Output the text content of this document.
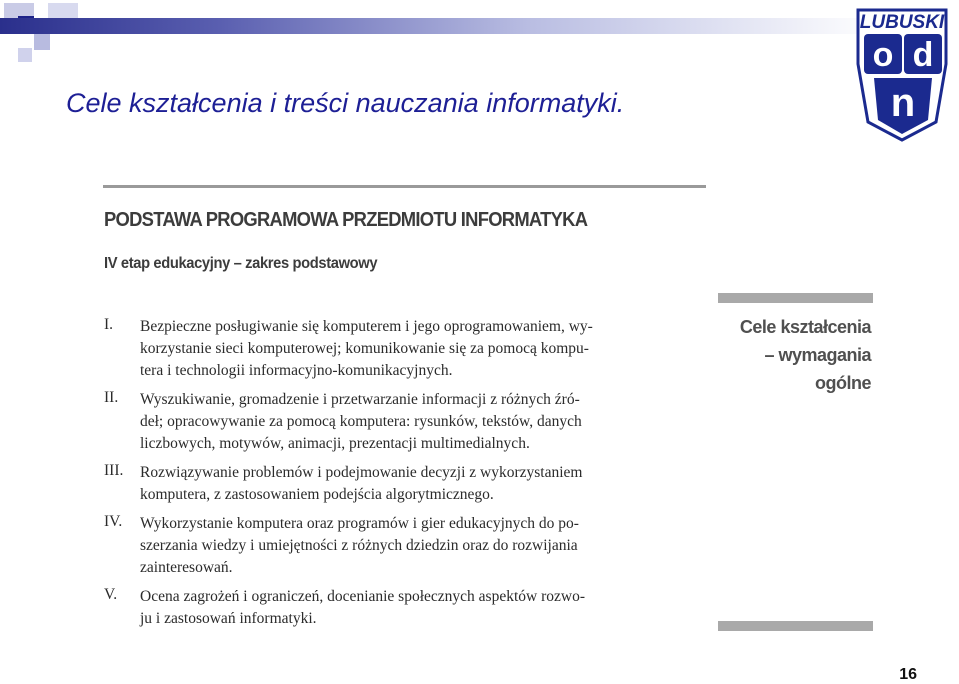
Cele kształcenia i treści nauczania informatyki.
LUBUSKI
o d
n
PODSTAWA PROGRAMOWA PRZEDMIOTU INFORMATYKA
IV etap edukacyjny – zakres podstawowy
I. Bezpieczne posługiwanie się komputerem i jego oprogramowaniem, wy-
korzystanie sieci komputerowej; komunikowanie się za pomocą kompu-
tera i technologii informacyjno-komunikacyjnych.
II. Wyszukiwanie, gromadzenie i przetwarzanie informacji z różnych źró-
deł; opracowywanie za pomocą komputera: rysunków, tekstów, danych
liczbowych, motywów, animacji, prezentacji multimedialnych.
III. Rozwiązywanie problemów i podejmowanie decyzji z wykorzystaniem
komputera, z zastosowaniem podejścia algorytmicznego.
IV. Wykorzystanie komputera oraz programów i gier edukacyjnych do po-
szerzania wiedzy i umiejętności z różnych dziedzin oraz do rozwijania
zainteresowań.
V. Ocena zagrożeń i ograniczeń, docenianie społecznych aspektów rozwo-
ju i zastosowań informatyki.
Cele kształcenia
– wymagania
ogólne
16
